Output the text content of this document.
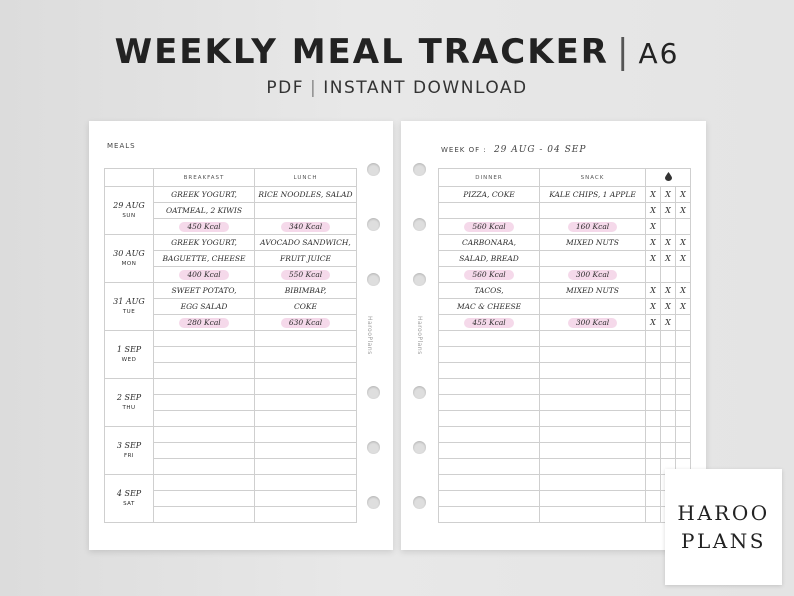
WEEKLY MEAL TRACKER | A6
PDF | INSTANT DOWNLOAD
MEALS
	BREAKFAST	LUNCH
29 AUG
SUN	GREEK YOGURT,	RICE NOODLES, SALAD
	OATMEAL, 2 KIWIS	
	450 Kcal	340 Kcal
30 AUG
MON	GREEK YOGURT,	AVOCADO SANDWICH,
	BAGUETTE, CHEESE	FRUIT JUICE
	400 Kcal	550 Kcal
31 AUG
TUE	SWEET POTATO,	BIBIMBAP,
	EGG SALAD	COKE
	280 Kcal	630 Kcal
1 SEP
WED		

2 SEP
THU		

3 SEP
FRI		

4 SEP
SAT		

HarooPlans
WEEK OF : 29 AUG - 04 SEP
DINNER	SNACK	
PIZZA, COKE	KALE CHIPS, 1 APPLE	X	X	X
		X	X	X
560 Kcal	160 Kcal	X		
CARBONARA,	MIXED NUTS	X	X	X
SALAD, BREAD		X	X	X
560 Kcal	300 Kcal			
TACOS,	MIXED NUTS	X	X	X
MAC & CHEESE		X	X	X
455 Kcal	300 Kcal	X	X	

HarooPlans
HAROO
PLANS
